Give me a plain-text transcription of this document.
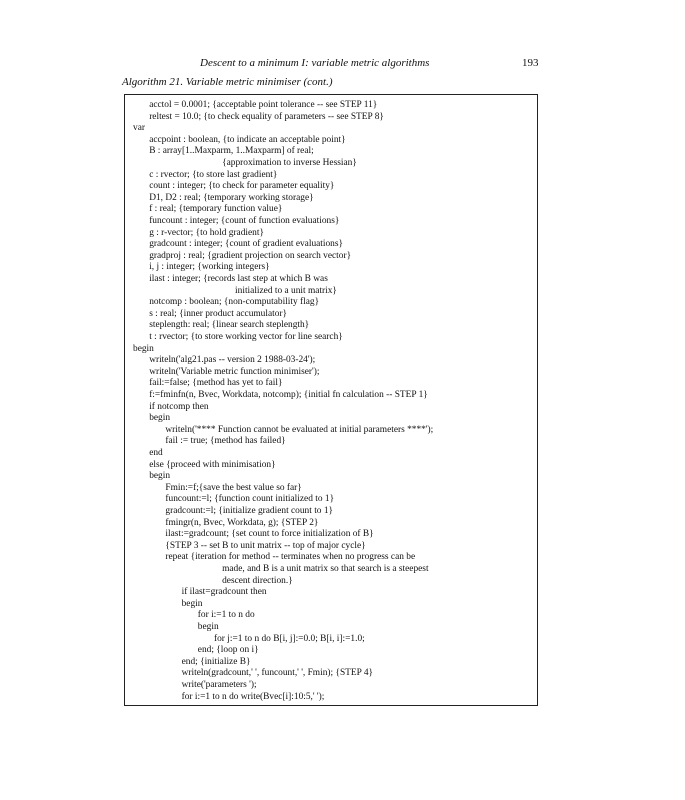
Descent to a minimum I: variable metric algorithms	193
Algorithm 21. Variable metric minimiser (cont.)
acctol = 0.0001; {acceptable point tolerance -- see STEP 11}
reltest = 10.0; {to check equality of parameters -- see STEP 8}
var
accpoint : boolean, {to indicate an acceptable point}
B : array[1..Maxparm, 1..Maxparm] of real;
{approximation to inverse Hessian}
c : rvector; {to store last gradient}
count : integer; {to check for parameter equality}
D1, D2 : real; {temporary working storage}
f : real; {temporary function value}
funcount : integer; {count of function evaluations}
g : r-vector; {to hold gradient}
gradcount : integer; {count of gradient evaluations}
gradproj : real; {gradient projection on search vector}
i, j : integer; {working integers}
ilast : integer; {records last step at which B was
initialized to a unit matrix}
notcomp : boolean; {non-computability flag}
s : real; {inner product accumulator}
steplength: real; {linear search steplength}
t : rvector; {to store working vector for line search}
begin
writeln('alg21.pas -- version 2 1988-03-24');
writeln('Variable metric function minimiser');
fail:=false; {method has yet to fail}
f:=fminfn(n, Bvec, Workdata, notcomp); {initial fn calculation -- STEP 1}
if notcomp then
begin
writeln('**** Function cannot be evaluated at initial parameters ****');
fail := true; {method has failed}
end
else {proceed with minimisation}
begin
Fmin:=f;{save the best value so far}
funcount:=l; {function count initialized to 1}
gradcount:=l; {initialize gradient count to 1}
fmingr(n, Bvec, Workdata, g); {STEP 2}
ilast:=gradcount; {set count to force initialization of B}
{STEP 3 -- set B to unit matrix -- top of major cycle}
repeat {iteration for method -- terminates when no progress can be
made, and B is a unit matrix so that search is a steepest
descent direction.}
if ilast=gradcount then
begin
for i:=1 to n do
begin
for j:=1 to n do B[i, j]:=0.0; B[i, i]:=1.0;
end; {loop on i}
end; {initialize B}
writeln(gradcount,' ', funcount,' ', Fmin); {STEP 4}
write('parameters ');
for i:=1 to n do write(Bvec[i]:10:5,' ');
